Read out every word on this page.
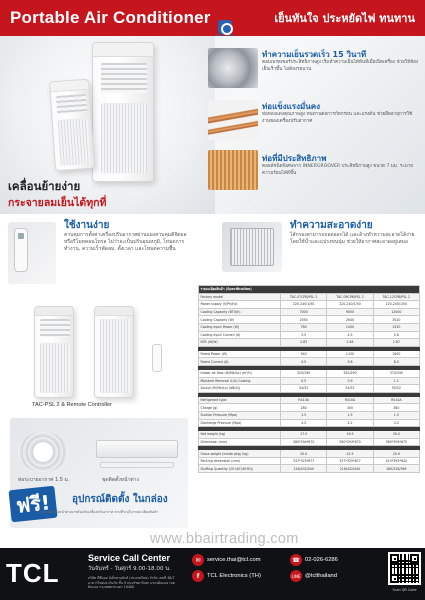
Portable Air Conditioner	เย็นทันใจ ประหยัดไฟ ทนทาน
เคลื่อนย้ายง่าย
กระจายลมเย็นได้ทุกที่
ทำความเย็นรวดเร็ว 15 วินาที
คอมเพรสเซอร์ประสิทธิภาพสูง เริ่มทำความเย็นได้ทันทีเมื่อเปิดเครื่อง ช่วยให้ห้องเย็นเร็วขึ้น ไม่ต้องรอนาน
ท่อแข็งแรงมั่นคง
ท่อทองแดงคุณภาพสูง ทนทานต่อการกัดกร่อน และแรงดัน ช่วยยืดอายุการใช้งานของเครื่องปรับอากาศ
ท่อที่มีประสิทธิภาพ
คอยล์ชนิดพิเศษจาก INNERGROOVER ประสิทธิภาพสูง ขนาด 7 มม. ระบายความร้อนได้ดีขึ้น
ใช้งานง่าย
ควบคุมการตั้งค่าเครื่องปรับอากาศผ่านแผงควบคุมดิจิตอล หรือรีโมทคอนโทรล ไม่ว่าจะเป็นปรับอุณหภูมิ, โหมดการทำงาน, ความเร็วพัดลม, ตั้งเวลา และโหมดความชื้น
ทำความสะอาดง่าย
ไส้กรองสามารถถอดออกได้ และล้างทำความสะอาดได้ง่าย โดยใช้น้ำและแปรงขนนุ่ม ช่วยให้อากาศสะอาดอยู่เสมอ
TAC-PSL 2 & Remote Controller
ท่อระบายอากาศ 1.5 ม.	ชุดติดตั้งหน้าต่าง
ฟรี!	อุปกรณ์ติดตั้ง ในกล่อง
*อุปกรณ์ติดตั้งหน้าต่างมาพร้อมกับเครื่องปรับอากาศ ตามที่ระบุในรายละเอียดสินค้า
รายละเอียดสินค้า (Specification)			
Factory model	TAC-07CPB/PSL 2	TAC-09CPB/PSL 2	TAC-12CPB/PSL 2
Power supply (V/Ph/Hz)	220-240/1/50	220-240/1/50	220-240/1/50
Cooling Capacity (BTU/h)	7000	9000	12000
Cooling Capacity (W)	2050	2640	3520
Cooling Input Power (W)	780	1000	1320
Cooling Input Current (A)	3.5	4.5	5.8
EER (W/W)	2.63	2.64	2.67

Rated Power (W)	940	1150	1600
Rated Current (A)	4.5	5.8	8.0

Indoor air flow (Hi/Me/Lo) (m³/h)	320/290	320/290	370/340
Moisture Removal (L/h) Cooling	0.5	0.9	1.1
Sound (Hi/Me/Lo) (dB(A))	54/52	54/52	55/52

Refrigerant type	R410A	R410A	R410A
Charge (g)	280	300	380
Suction Pressure (Mpa)	1.5	1.5	1.5
Discharge Pressure (Mpa)	4.2	4.2	4.2

Net weight (kg)	17.5	19.5	26.0
Dimension (mm)	280*294*670	280*294*670	360*356*675

Gross weight (inside pkg) (kg)	20.0	22.5	29.9
Packing dimension (mm)	337*325*877	337*325*877	415*395*842
Stuffing Quantity (20'/40'/40'HQ)	216/432/540	216/432/540	160/328/369
www.bbairtrading.com
TCL	Service Call Center
วันจันทร์ - วันศุกร์ 9.00-18.00 น.
บริษัท ทีซีแอล อิเล็กทรอนิกส์ (ประเทศไทย) จำกัด เลขที่ 48/7 อาคารไทยประกันภัย ชั้น 9 ถนนรัชดาภิเษก แขวงดินแดง เขตดินแดง กรุงเทพมหานคร 10400
✉	service.thai@tcl.com	☎ 02-026-6286
f	TCL Electronics (TH)	LINE @tclthailand
Scan QR Code
